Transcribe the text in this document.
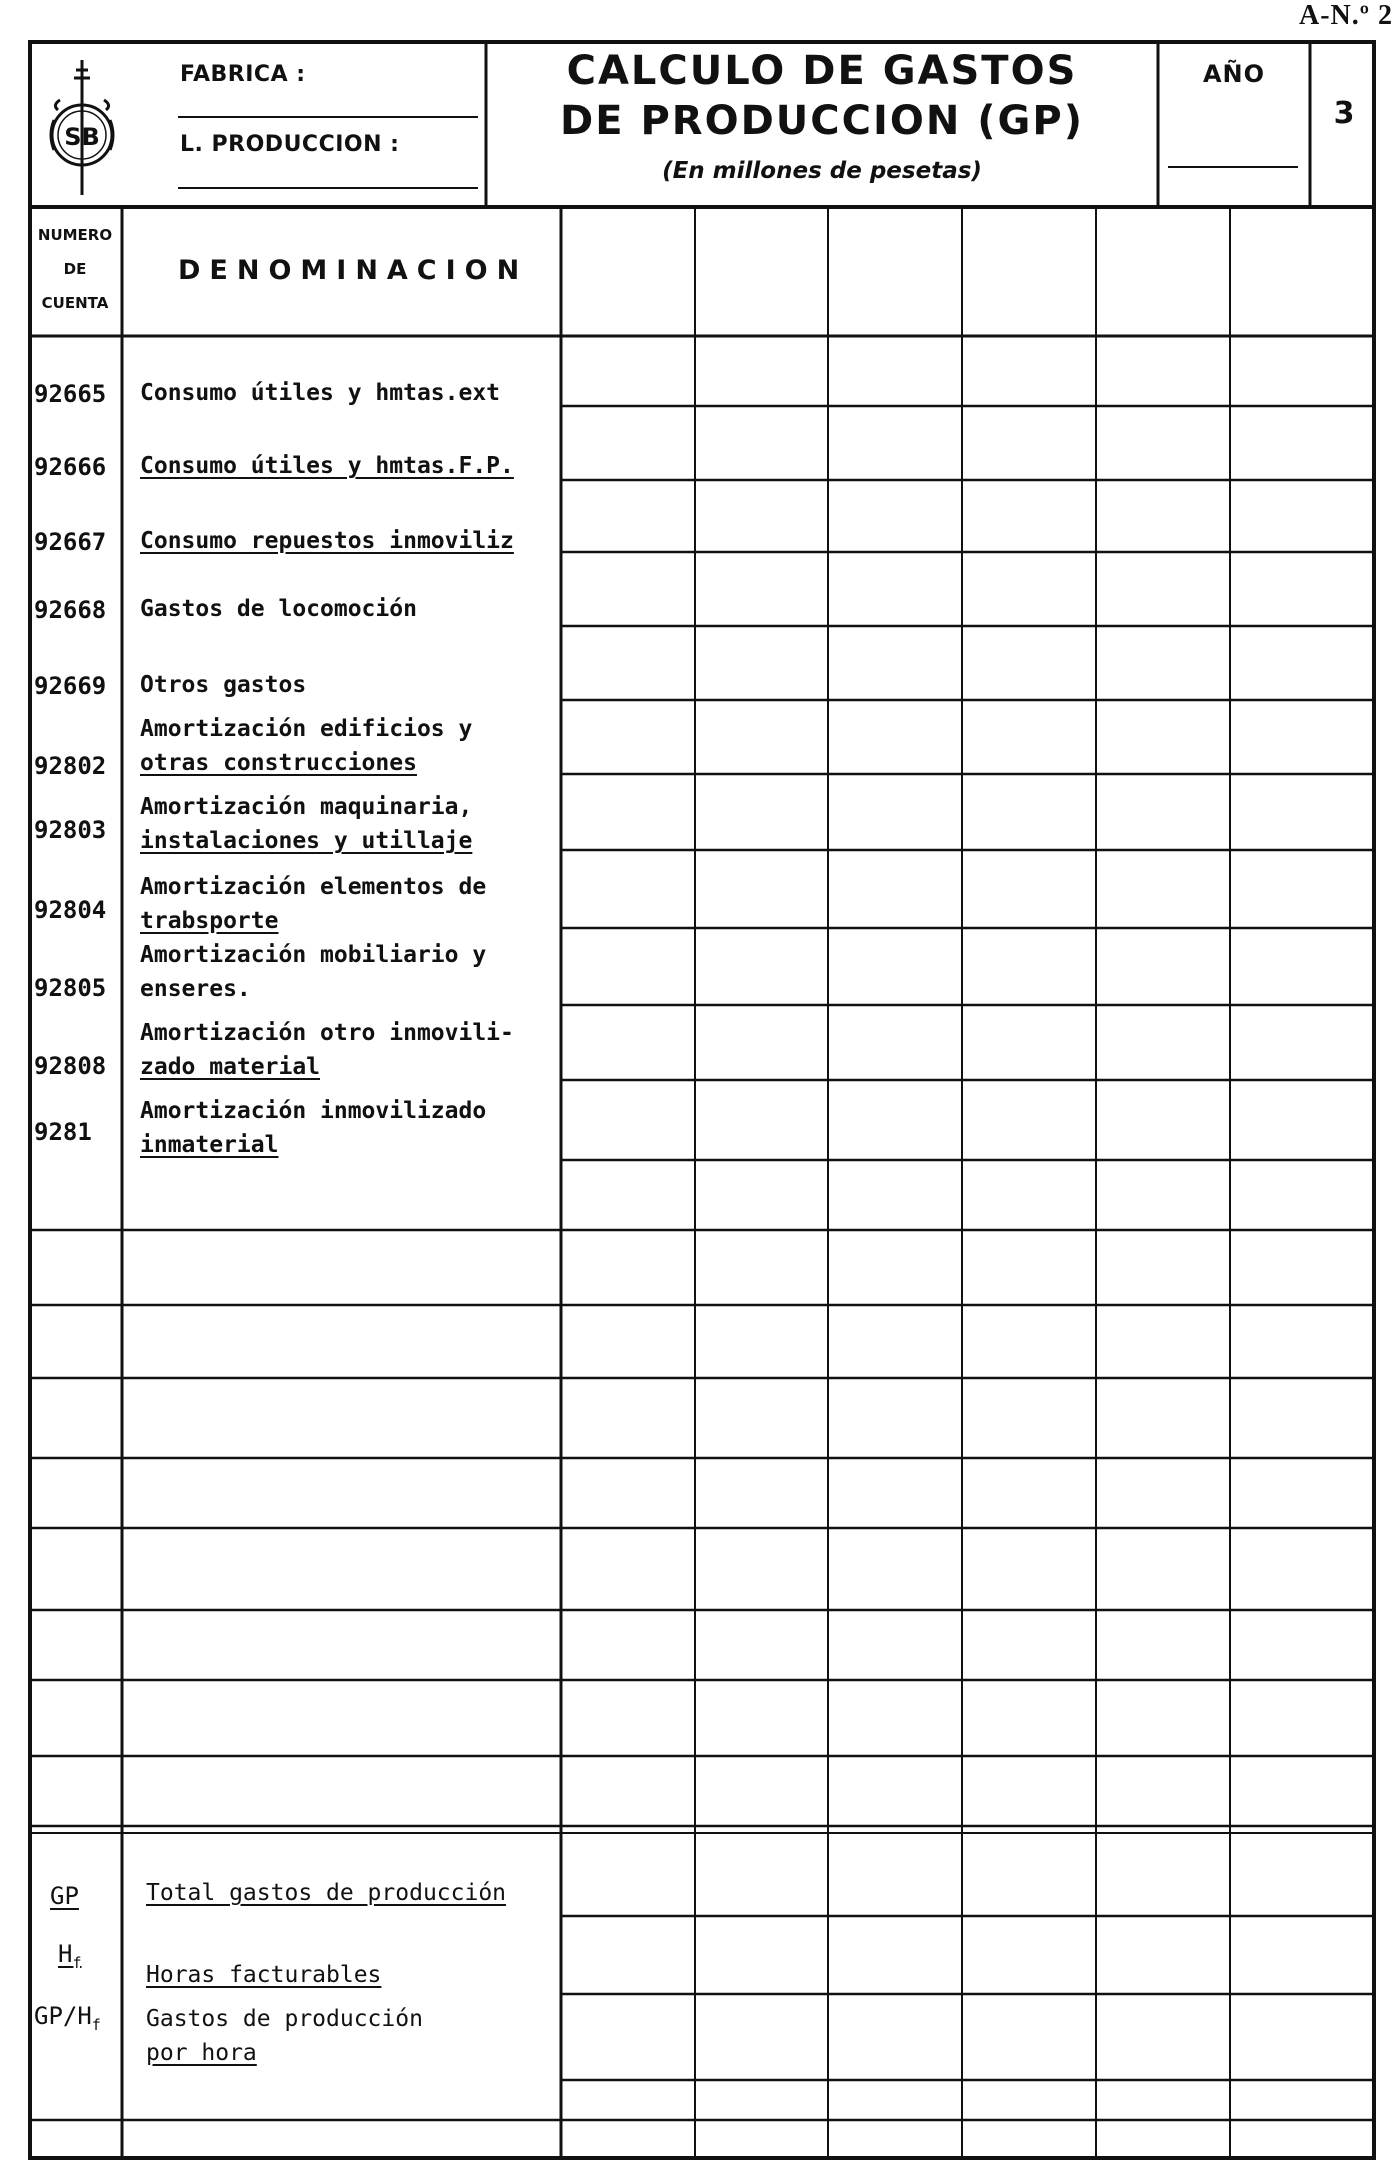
A-N.º 2
SB
FABRICA :
L. PRODUCCION :
CALCULO DE GASTOS
DE PRODUCCION (GP)
(En millones de pesetas)
AÑO
3
NUMERO
DE
CUENTA
DENOMINACION
92665 Consumo útiles y hmtas.ext
92666 Consumo útiles y hmtas.F.P.
92667 Consumo repuestos inmoviliz
92668 Gastos de locomoción
92669 Otros gastos
92802
Amortización edificios y
otras construcciones
92803
Amortización maquinaria,
instalaciones y utillaje
92804
Amortización elementos de
trabsporte
92805
Amortización mobiliario y
enseres.
92808
Amortización otro inmovili-
zado material
9281
Amortización inmovilizado
inmaterial
GP	Total gastos de producción
$H_f$	Horas facturables
$GP/H_f$ Gastos de producción
por hora
